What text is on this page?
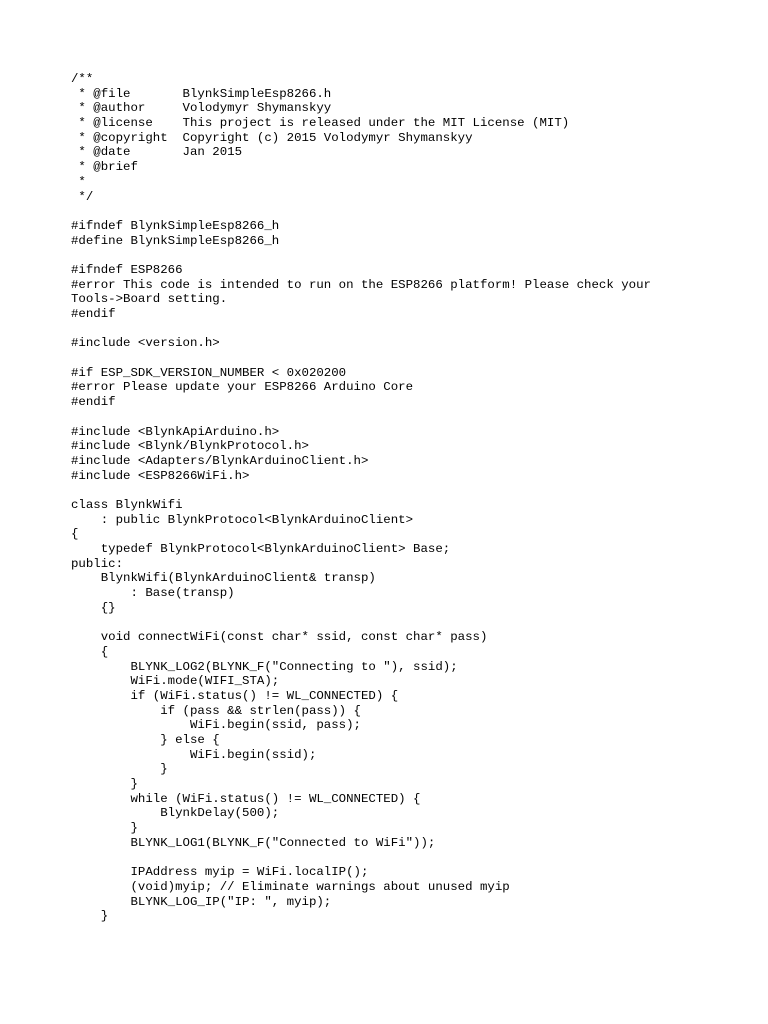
/**
* @file       BlynkSimpleEsp8266.h
* @author     Volodymyr Shymanskyy
* @license    This project is released under the MIT License (MIT)
* @copyright  Copyright (c) 2015 Volodymyr Shymanskyy
* @date       Jan 2015
* @brief
*
*/
#ifndef BlynkSimpleEsp8266_h
#define BlynkSimpleEsp8266_h
#ifndef ESP8266
#error This code is intended to run on the ESP8266 platform! Please check your
Tools->Board setting.
#endif
#include <version.h>
#if ESP_SDK_VERSION_NUMBER < 0x020200
#error Please update your ESP8266 Arduino Core
#endif
#include <BlynkApiArduino.h>
#include <Blynk/BlynkProtocol.h>
#include <Adapters/BlynkArduinoClient.h>
#include <ESP8266WiFi.h>
class BlynkWifi
: public BlynkProtocol<BlynkArduinoClient>
{
typedef BlynkProtocol<BlynkArduinoClient> Base;
public:
BlynkWifi(BlynkArduinoClient& transp)
: Base(transp)
{}
void connectWiFi(const char* ssid, const char* pass)
{
BLYNK_LOG2(BLYNK_F("Connecting to "), ssid);
WiFi.mode(WIFI_STA);
if (WiFi.status() != WL_CONNECTED) {
if (pass && strlen(pass)) {
WiFi.begin(ssid, pass);
} else {
WiFi.begin(ssid);
}
}
while (WiFi.status() != WL_CONNECTED) {
BlynkDelay(500);
}
BLYNK_LOG1(BLYNK_F("Connected to WiFi"));
IPAddress myip = WiFi.localIP();
(void)myip; // Eliminate warnings about unused myip
BLYNK_LOG_IP("IP: ", myip);
}
